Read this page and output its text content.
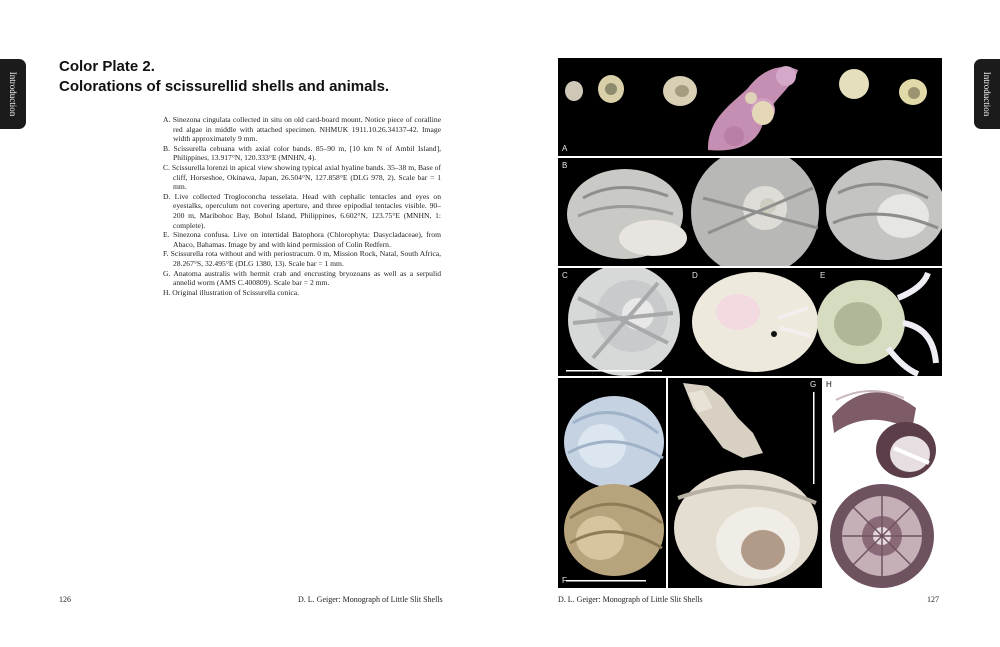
Introduction	Introduction
Color Plate 2.
Colorations of scissurellid shells and animals.
A. Sinezona cingulata collected in situ on old card-board mount. Notice piece of coralline red algae in middle with attached specimen. NHMUK 1911.10.26.34137-42. Image width approximately 9 mm.
B. Scissurella cebuana with axial color bands. 85–90 m, [10 km N of Ambil Island], Philippines, 13.917°N, 120.333°E (MNHN, 4).
C. Scissurella lorenzi in apical view showing typical axial hyaline bands. 35–38 m, Base of cliff, Horseshoe, Okinawa, Japan, 26.504°N, 127.858°E (DLG 978, 2). Scale bar = 1 mm.
D. Live collected Trogloconcha tesselata. Head with cephalic tentacles and eyes on eyestalks, operculum not covering aperture, and three epipodial tentacles visible. 90–200 m, Maribohoc Bay, Bohol Island, Philippines, 6.602°N, 123.75°E (MNHN, 1: complete).
E. Sinezona confusa. Live on intertidal Batophora (Chlorophyta: Dasycladaceae), from Abaco, Bahamas. Image by and with kind permission of Colin Redfern.
F. Scissurella rota without and with periostracum. 0 m, Mission Rock, Natal, South Africa, 28.267°S, 32.495°E (DLG 1380, 13). Scale bar = 1 mm.
G. Anatoma australis with hermit crab and encrusting bryozoans as well as a serpulid annelid worm (AMS C.400809). Scale bar = 2 mm.
H. Original illustration of Scissurella conica.
126	D. L. Geiger: Monograph of Little Slit Shells	D. L. Geiger: Monograph of Little Slit Shells	127
A
B
C	D	E
F
G H
